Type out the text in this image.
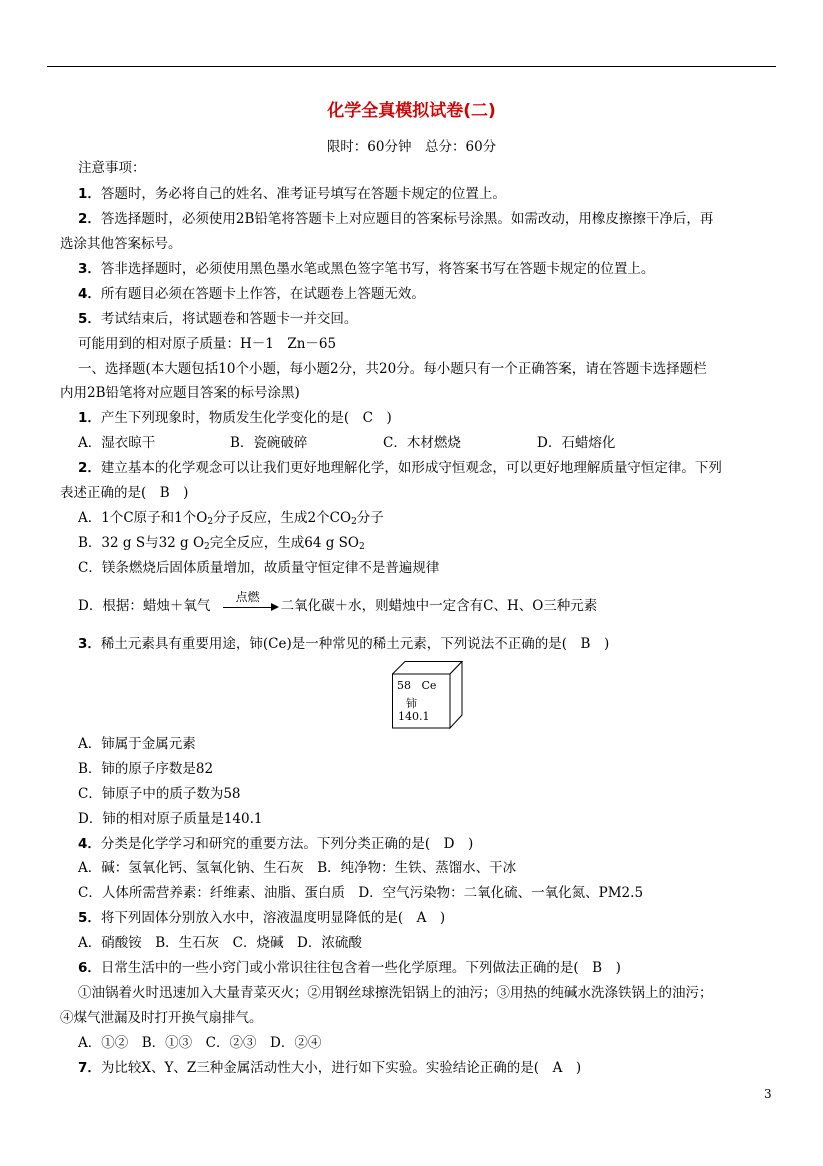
化学全真模拟试卷(二)
限时：60分钟　总分：60分
注意事项：
1．答题时，务必将自己的姓名、准考证号填写在答题卡规定的位置上。
2．答选择题时，必须使用2B铅笔将答题卡上对应题目的答案标号涂黑。如需改动，用橡皮擦擦干净后，再
选涂其他答案标号。
3．答非选择题时，必须使用黑色墨水笔或黑色签字笔书写，将答案书写在答题卡规定的位置上。
4．所有题目必须在答题卡上作答，在试题卷上答题无效。
5．考试结束后，将试题卷和答题卡一并交回。
可能用到的相对原子质量：H－1　Zn－65
一、选择题(本大题包括10个小题，每小题2分，共20分。每小题只有一个正确答案，请在答题卡选择题栏
内用2B铅笔将对应题目答案的标号涂黑)
1．产生下列现象时，物质发生化学变化的是(　C　)
A．湿衣晾干	B．瓷碗破碎	C．木材燃烧	D．石蜡熔化
2．建立基本的化学观念可以让我们更好地理解化学，如形成守恒观念，可以更好地理解质量守恒定律。下列
表述正确的是(　B　)
A．1个C原子和1个$O_2$分子反应，生成2个$CO_2$分子
B．32 g S与32 g $O_2$完全反应，生成64 g $SO_2$
C．镁条燃烧后固体质量增加，故质量守恒定律不是普遍规律
D．根据：蜡烛＋氧气
点燃
二氧化碳＋水，则蜡烛中一定含有C、H、O三种元素
3．稀土元素具有重要用途，铈(Ce)是一种常见的稀土元素，下列说法不正确的是(　B　)
58 Ce
铈
140.1
A．铈属于金属元素
B．铈的原子序数是82
C．铈原子中的质子数为58
D．铈的相对原子质量是140.1
4．分类是化学学习和研究的重要方法。下列分类正确的是(　D　)
A．碱：氢氧化钙、氢氧化钠、生石灰　B．纯净物：生铁、蒸馏水、干冰
C．人体所需营养素：纤维素、油脂、蛋白质　D．空气污染物：二氧化硫、一氧化氮、PM2.5
5．将下列固体分别放入水中，溶液温度明显降低的是(　A　)
A．硝酸铵　B．生石灰　C．烧碱　D．浓硫酸
6．日常生活中的一些小窍门或小常识往往包含着一些化学原理。下列做法正确的是(　B　)
①油锅着火时迅速加入大量青菜灭火；②用钢丝球擦洗铝锅上的油污；③用热的纯碱水洗涤铁锅上的油污；
④煤气泄漏及时打开换气扇排气。
A．①②　B．①③　C．②③　D．②④
7．为比较X、Y、Z三种金属活动性大小，进行如下实验。实验结论正确的是(　A　)
3
